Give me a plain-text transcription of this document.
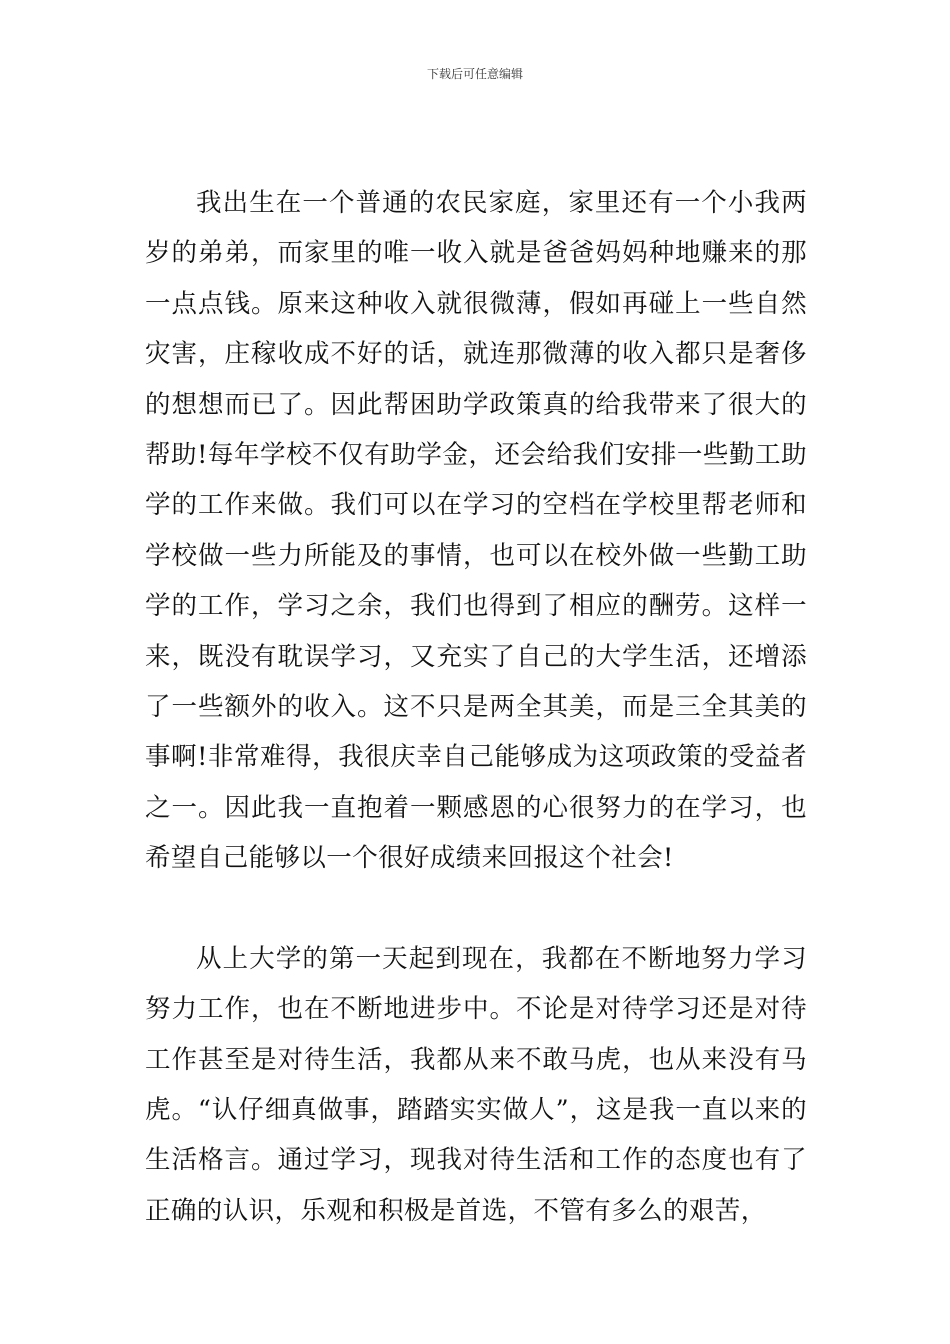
下载后可任意编辑

我出生在一个普通的农民家庭，家里还有一个小我两岁的弟弟，而家里的唯一收入就是爸爸妈妈种地赚来的那一点点钱。原来这种收入就很微薄，假如再碰上一些自然灾害，庄稼收成不好的话，就连那微薄的收入都只是奢侈的想想而已了。因此帮困助学政策真的给我带来了很大的帮助!每年学校不仅有助学金，还会给我们安排一些勤工助学的工作来做。我们可以在学习的空档在学校里帮老师和学校做一些力所能及的事情，也可以在校外做一些勤工助学的工作，学习之余，我们也得到了相应的酬劳。这样一来，既没有耽误学习，又充实了自己的大学生活，还增添了一些额外的收入。这不只是两全其美，而是三全其美的事啊!非常难得，我很庆幸自己能够成为这项政策的受益者之一。因此我一直抱着一颗感恩的心很努力的在学习，也希望自己能够以一个很好成绩来回报这个社会!

从上大学的第一天起到现在，我都在不断地努力学习努力工作，也在不断地进步中。不论是对待学习还是对待工作甚至是对待生活，我都从来不敢马虎，也从来没有马虎。“认仔细真做事，踏踏实实做人”，这是我一直以来的生活格言。通过学习，现我对待生活和工作的态度也有了正确的认识，乐观和积极是首选，不管有多么的艰苦，
